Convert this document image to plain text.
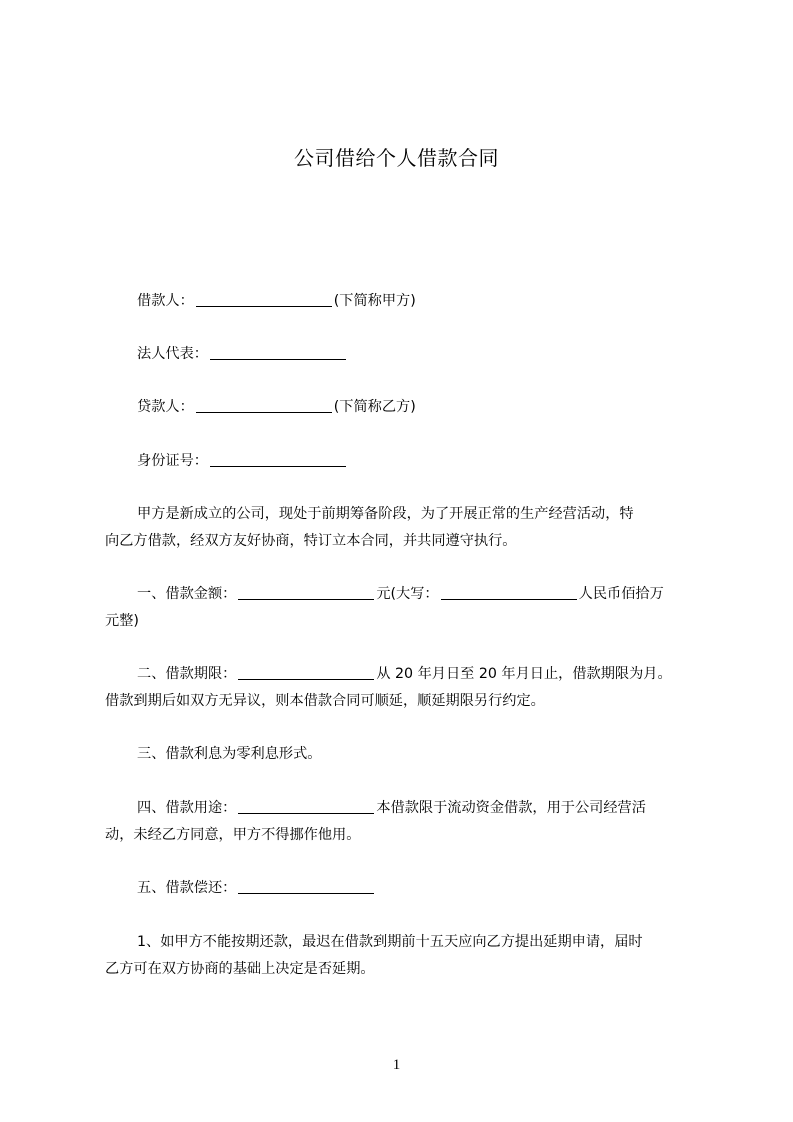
公司借给个人借款合同
借款人：	(下简称甲方)
法人代表：
贷款人：	(下简称乙方)
身份证号：
甲方是新成立的公司，现处于前期筹备阶段，为了开展正常的生产经营活动，特
向乙方借款，经双方友好协商，特订立本合同，并共同遵守执行。
一、借款金额：	元(大写：	人民币佰拾万
元整)
二、借款期限：	从 20 年月日至 20 年月日止，借款期限为月。
借款到期后如双方无异议，则本借款合同可顺延，顺延期限另行约定。
三、借款利息为零利息形式。
四、借款用途：	本借款限于流动资金借款，用于公司经营活
动，未经乙方同意，甲方不得挪作他用。
五、借款偿还：
1、如甲方不能按期还款，最迟在借款到期前十五天应向乙方提出延期申请，届时
乙方可在双方协商的基础上决定是否延期。
1
